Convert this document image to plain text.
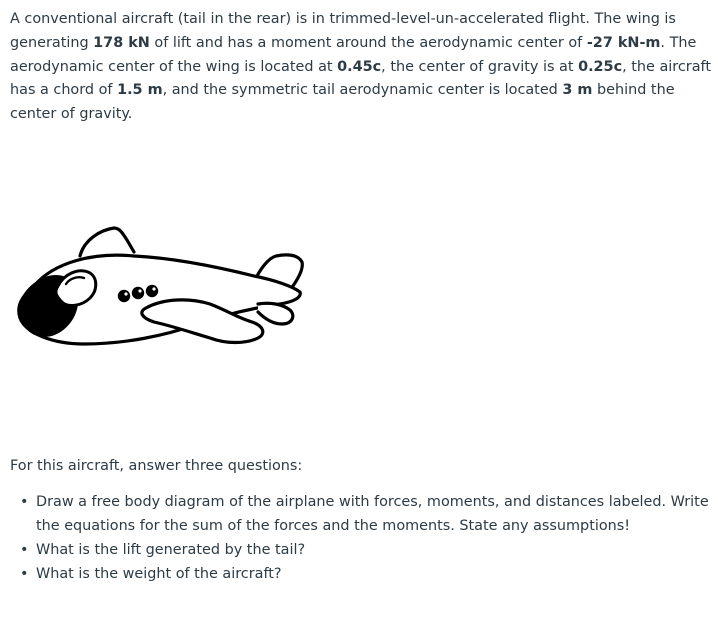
A conventional aircraft (tail in the rear) is in trimmed-level-un-accelerated flight. The wing is generating 178 kN of lift and has a moment around the aerodynamic center of -27 kN-m. The aerodynamic center of the wing is located at 0.45c, the center of gravity is at 0.25c, the aircraft has a chord of 1.5 m, and the symmetric tail aerodynamic center is located 3 m behind the center of gravity.

For this aircraft, answer three questions:

• Draw a free body diagram of the airplane with forces, moments, and distances labeled. Write the equations for the sum of the forces and the moments. State any assumptions!
• What is the lift generated by the tail?
• What is the weight of the aircraft?
